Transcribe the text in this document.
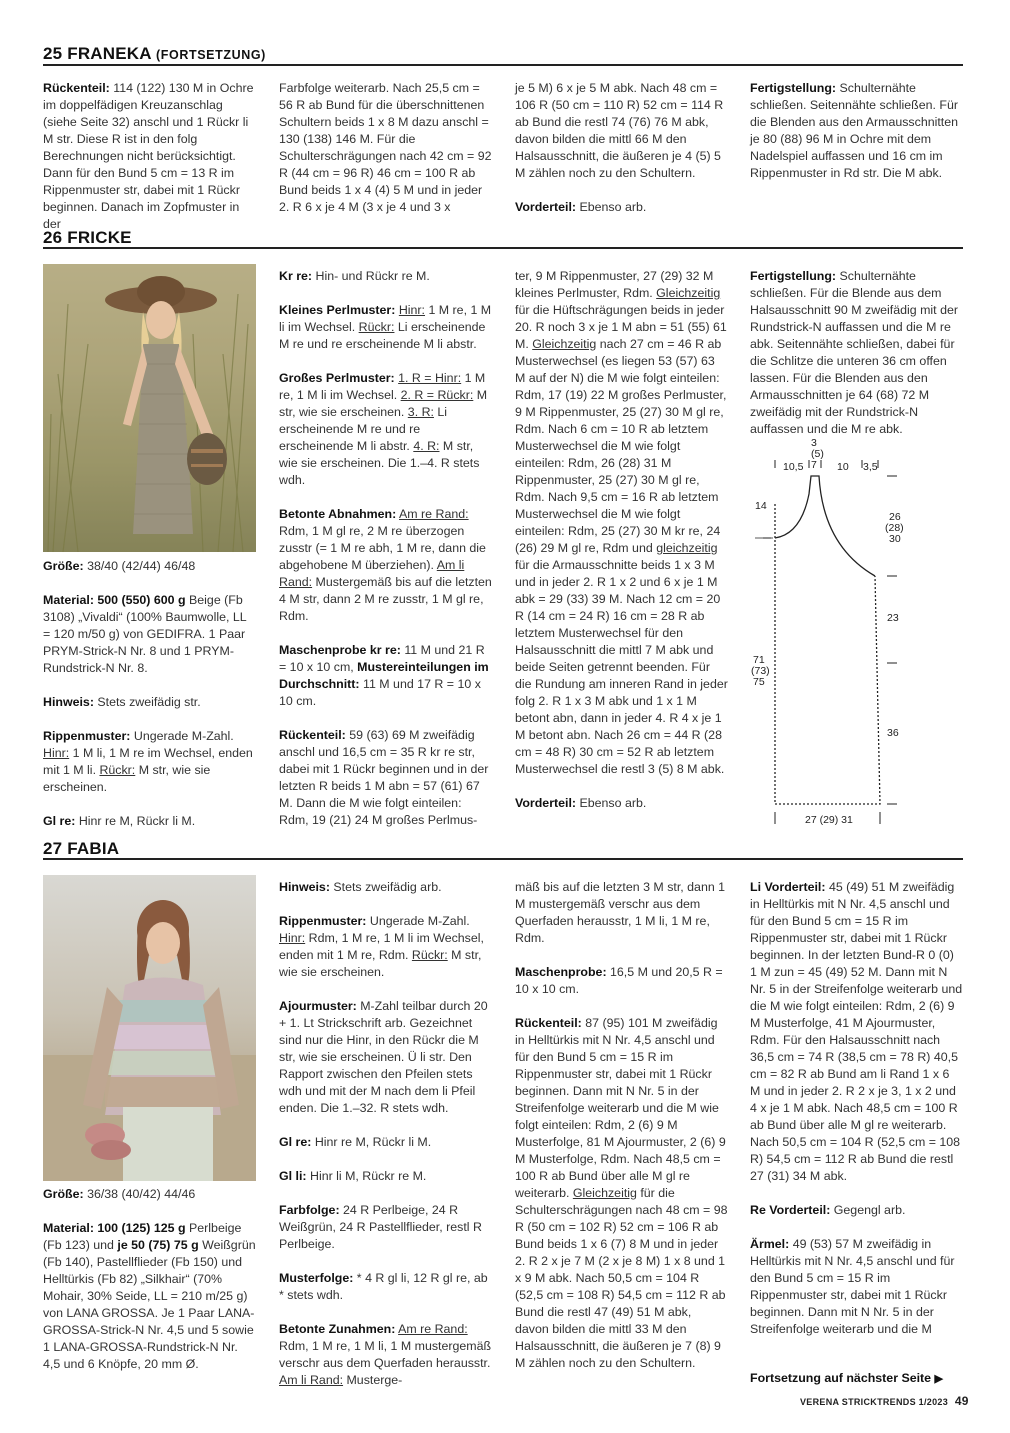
25 FRANEKA (FORTSETZUNG)

Rückenteil: 114 (122) 130 M in Ochre im doppelfädigen Kreuzanschlag (siehe Seite 32) anschl und 1 Rückr li M str. Diese R ist in den folg Berechnungen nicht berücksichtigt. Dann für den Bund 5 cm = 13 R im Rippenmuster str, dabei mit 1 Rückr beginnen. Danach im Zopfmuster in der

Farbfolge weiterarb. Nach 25,5 cm = 56 R ab Bund für die überschnittenen Schultern beids 1 x 8 M dazu anschl = 130 (138) 146 M. Für die Schulterschrägungen nach 42 cm = 92 R (44 cm = 96 R) 46 cm = 100 R ab Bund beids 1 x 4 (4) 5 M und in jeder 2. R 6 x je 4 M (3 x je 4 und 3 x

je 5 M) 6 x je 5 M abk. Nach 48 cm = 106 R (50 cm = 110 R) 52 cm = 114 R ab Bund die restl 74 (76) 76 M abk, davon bilden die mittl 66 M den Halsausschnitt, die äußeren je 4 (5) 5 M zählen noch zu den Schultern.

Vorderteil: Ebenso arb.

Fertigstellung: Schulternähte schließen. Seitennähte schließen. Für die Blenden aus den Armausschnitten je 80 (88) 96 M in Ochre mit dem Nadelspiel auffassen und 16 cm im Rippenmuster in Rd str. Die M abk.

26 FRICKE

Größe: 38/40 (42/44) 46/48

Material: 500 (550) 600 g Beige (Fb 3108) „Vivaldi“ (100% Baumwolle, LL = 120 m/50 g) von GEDIFRA. 1 Paar PRYM-Strick-N Nr. 8 und 1 PRYM-Rundstrick-N Nr. 8.

Hinweis: Stets zweifädig str.

Rippenmuster: Ungerade M-Zahl. Hinr: 1 M li, 1 M re im Wechsel, enden mit 1 M li. Rückr: M str, wie sie erscheinen.

Gl re: Hinr re M, Rückr li M.

Kr re: Hin- und Rückr re M.

Kleines Perlmuster: Hinr: 1 M re, 1 M li im Wechsel. Rückr: Li erscheinende M re und re erscheinende M li abstr.

Großes Perlmuster: 1. R = Hinr: 1 M re, 1 M li im Wechsel. 2. R = Rückr: M str, wie sie erscheinen. 3. R: Li erscheinende M re und re erscheinende M li abstr. 4. R: M str, wie sie erscheinen. Die 1.–4. R stets wdh.

Betonte Abnahmen: Am re Rand: Rdm, 1 M gl re, 2 M re überzogen zusstr (= 1 M re abh, 1 M re, dann die abgehobene M überziehen). Am li Rand: Mustergemäß bis auf die letzten 4 M str, dann 2 M re zusstr, 1 M gl re, Rdm.

Maschenprobe kr re: 11 M und 21 R = 10 x 10 cm, Mustereinteilungen im Durchschnitt: 11 M und 17 R = 10 x 10 cm.

Rückenteil: 59 (63) 69 M zweifädig anschl und 16,5 cm = 35 R kr re str, dabei mit 1 Rückr beginnen und in der letzten R beids 1 M abn = 57 (61) 67 M. Dann die M wie folgt einteilen: Rdm, 19 (21) 24 M großes Perlmus-

ter, 9 M Rippenmuster, 27 (29) 32 M kleines Perlmuster, Rdm. Gleichzeitig für die Hüftschrägungen beids in jeder 20. R noch 3 x je 1 M abn = 51 (55) 61 M. Gleichzeitig nach 27 cm = 46 R ab Musterwechsel (es liegen 53 (57) 63 M auf der N) die M wie folgt einteilen: Rdm, 17 (19) 22 M großes Perlmuster, 9 M Rippenmuster, 25 (27) 30 M gl re, Rdm. Nach 6 cm = 10 R ab letztem Musterwechsel die M wie folgt einteilen: Rdm, 26 (28) 31 M Rippenmuster, 25 (27) 30 M gl re, Rdm. Nach 9,5 cm = 16 R ab letztem Musterwechsel die M wie folgt einteilen: Rdm, 25 (27) 30 M kr re, 24 (26) 29 M gl re, Rdm und gleichzeitig für die Armausschnitte beids 1 x 3 M und in jeder 2. R 1 x 2 und 6 x je 1 M abk = 29 (33) 39 M. Nach 12 cm = 20 R (14 cm = 24 R) 16 cm = 28 R ab letztem Musterwechsel für den Halsausschnitt die mittl 7 M abk und beide Seiten getrennt beenden. Für die Rundung am inneren Rand in jeder folg 2. R 1 x 3 M abk und 1 x 1 M betont abn, dann in jeder 4. R 4 x je 1 M betont abn. Nach 26 cm = 44 R (28 cm = 48 R) 30 cm = 52 R ab letztem Musterwechsel die restl 3 (5) 8 M abk.

Vorderteil: Ebenso arb.

Fertigstellung: Schulternähte schließen. Für die Blende aus dem Halsausschnitt 90 M zweifädig mit der Rundstrick-N auffassen und die M re abk. Seitennähte schließen, dabei für die Schlitze die unteren 36 cm offen lassen. Für die Blenden aus den Armausschnitten je 64 (68) 72 M zweifädig mit der Rundstrick-N auffassen und die M re abk.

10,5
3
(5)
7 10 3,5
14
71
(73)
75
26
(28)
30
23
36
27 (29) 31
27 FABIA

Größe: 36/38 (40/42) 44/46

Material: 100 (125) 125 g Perlbeige (Fb 123) und je 50 (75) 75 g Weißgrün (Fb 140), Pastellflieder (Fb 150) und Helltürkis (Fb 82) „Silkhair“ (70% Mohair, 30% Seide, LL = 210 m/25 g) von LANA GROSSA. Je 1 Paar LANA-GROSSA-Strick-N Nr. 4,5 und 5 sowie 1 LANA-GROSSA-Rundstrick-N Nr. 4,5 und 6 Knöpfe, 20 mm Ø.

Hinweis: Stets zweifädig arb.

Rippenmuster: Ungerade M-Zahl. Hinr: Rdm, 1 M re, 1 M li im Wechsel, enden mit 1 M re, Rdm. Rückr: M str, wie sie erscheinen.

Ajourmuster: M-Zahl teilbar durch 20 + 1. Lt Strickschrift arb. Gezeichnet sind nur die Hinr, in den Rückr die M str, wie sie erscheinen. Ü li str. Den Rapport zwischen den Pfeilen stets wdh und mit der M nach dem li Pfeil enden. Die 1.–32. R stets wdh.

Gl re: Hinr re M, Rückr li M.

Gl li: Hinr li M, Rückr re M.

Farbfolge: 24 R Perlbeige, 24 R Weißgrün, 24 R Pastellflieder, restl R Perlbeige.

Musterfolge: * 4 R gl li, 12 R gl re, ab * stets wdh.

Betonte Zunahmen: Am re Rand: Rdm, 1 M re, 1 M li, 1 M mustergemäß verschr aus dem Querfaden herausstr. Am li Rand: Musterge-

mäß bis auf die letzten 3 M str, dann 1 M mustergemäß verschr aus dem Querfaden herausstr, 1 M li, 1 M re, Rdm.

Maschenprobe: 16,5 M und 20,5 R = 10 x 10 cm.

Rückenteil: 87 (95) 101 M zweifädig in Helltürkis mit N Nr. 4,5 anschl und für den Bund 5 cm = 15 R im Rippenmuster str, dabei mit 1 Rückr beginnen. Dann mit N Nr. 5 in der Streifenfolge weiterarb und die M wie folgt einteilen: Rdm, 2 (6) 9 M Musterfolge, 81 M Ajourmuster, 2 (6) 9 M Musterfolge, Rdm. Nach 48,5 cm = 100 R ab Bund über alle M gl re weiterarb. Gleichzeitig für die Schulterschrägungen nach 48 cm = 98 R (50 cm = 102 R) 52 cm = 106 R ab Bund beids 1 x 6 (7) 8 M und in jeder 2. R 2 x je 7 M (2 x je 8 M) 1 x 8 und 1 x 9 M abk. Nach 50,5 cm = 104 R (52,5 cm = 108 R) 54,5 cm = 112 R ab Bund die restl 47 (49) 51 M abk, davon bilden die mittl 33 M den Halsausschnitt, die äußeren je 7 (8) 9 M zählen noch zu den Schultern.

Li Vorderteil: 45 (49) 51 M zweifädig in Helltürkis mit N Nr. 4,5 anschl und für den Bund 5 cm = 15 R im Rippenmuster str, dabei mit 1 Rückr beginnen. In der letzten Bund-R 0 (0) 1 M zun = 45 (49) 52 M. Dann mit N Nr. 5 in der Streifenfolge weiterarb und die M wie folgt einteilen: Rdm, 2 (6) 9 M Musterfolge, 41 M Ajourmuster, Rdm. Für den Halsausschnitt nach 36,5 cm = 74 R (38,5 cm = 78 R) 40,5 cm = 82 R ab Bund am li Rand 1 x 6 M und in jeder 2. R 2 x je 3, 1 x 2 und 4 x je 1 M abk. Nach 48,5 cm = 100 R ab Bund über alle M gl re weiterarb. Nach 50,5 cm = 104 R (52,5 cm = 108 R) 54,5 cm = 112 R ab Bund die restl 27 (31) 34 M abk.

Re Vorderteil: Gegengl arb.

Ärmel: 49 (53) 57 M zweifädig in Helltürkis mit N Nr. 4,5 anschl und für den Bund 5 cm = 15 R im Rippenmuster str, dabei mit 1 Rückr beginnen. Dann mit N Nr. 5 in der Streifenfolge weiterarb und die M

Fortsetzung auf nächster Seite ▶
VERENA STRICKTRENDS 1/2023 49
